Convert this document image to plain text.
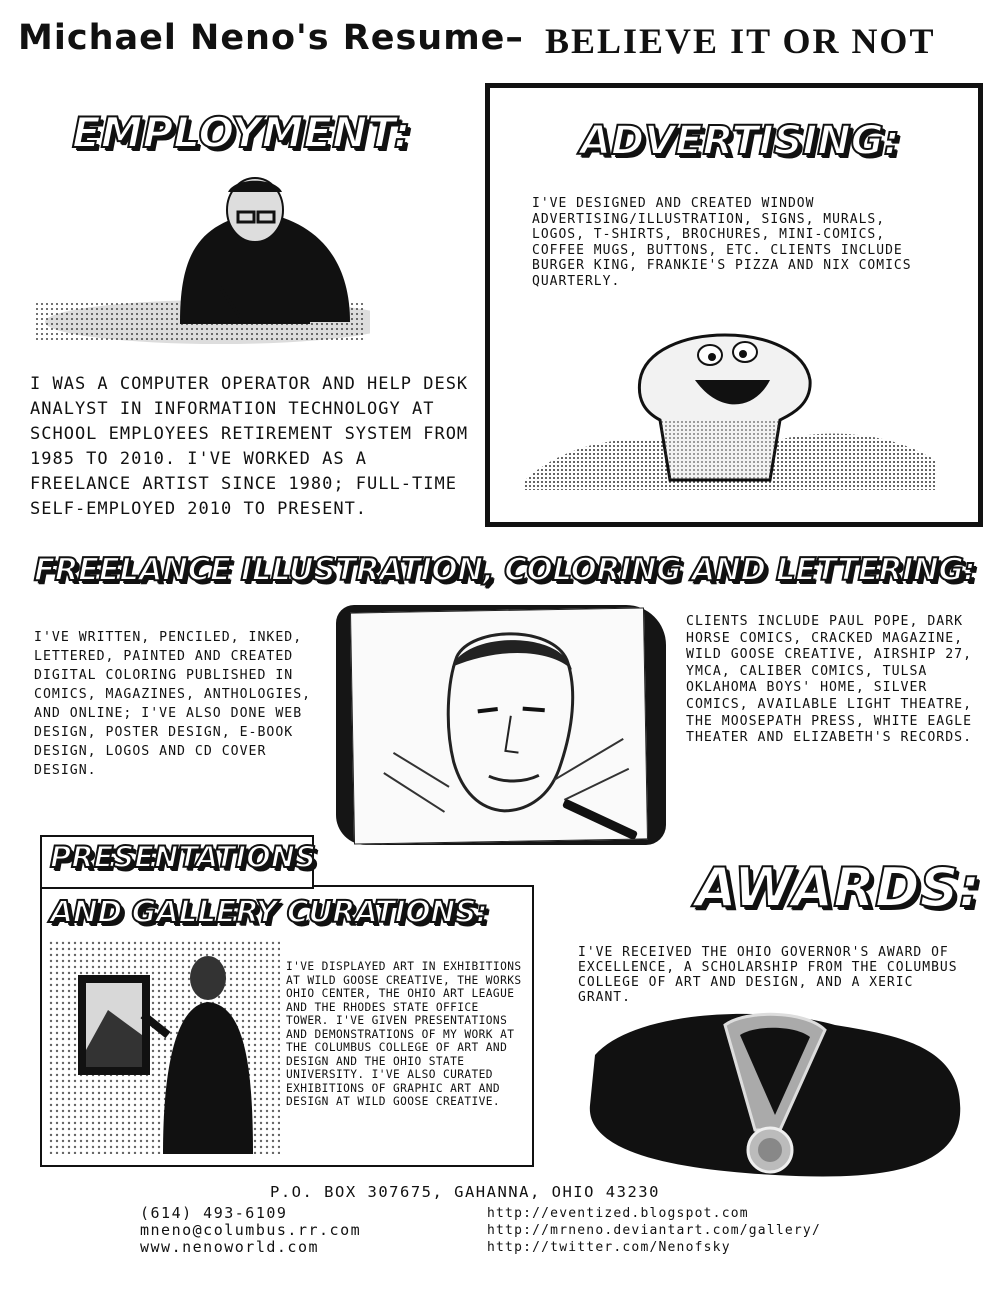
Michael Neno's Resume– BELIEVE IT OR NOT
EMPLOYMENT:

I WAS A COMPUTER OPERATOR AND HELP DESK ANALYST IN INFORMATION TECHNOLOGY AT SCHOOL EMPLOYEES RETIREMENT SYSTEM FROM 1985 TO 2010. I'VE WORKED AS A FREELANCE ARTIST SINCE 1980; FULL-TIME SELF-EMPLOYED 2010 TO PRESENT.

ADVERTISING:

I'VE DESIGNED AND CREATED WINDOW ADVERTISING/ILLUSTRATION, SIGNS, MURALS, LOGOS, T-SHIRTS, BROCHURES, MINI-COMICS, COFFEE MUGS, BUTTONS, ETC. CLIENTS INCLUDE BURGER KING, FRANKIE'S PIZZA AND NIX COMICS QUARTERLY.

FREELANCE ILLUSTRATION, COLORING AND LETTERING:

I'VE WRITTEN, PENCILED, INKED, LETTERED, PAINTED AND CREATED DIGITAL COLORING PUBLISHED IN COMICS, MAGAZINES, ANTHOLOGIES, AND ONLINE; I'VE ALSO DONE WEB DESIGN, POSTER DESIGN, E-BOOK DESIGN, LOGOS AND CD COVER DESIGN.

CLIENTS INCLUDE PAUL POPE, DARK HORSE COMICS, CRACKED MAGAZINE, WILD GOOSE CREATIVE, AIRSHIP 27, YMCA, CALIBER COMICS, TULSA OKLAHOMA BOYS' HOME, SILVER COMICS, AVAILABLE LIGHT THEATRE, THE MOOSEPATH PRESS, WHITE EAGLE THEATER AND ELIZABETH'S RECORDS.

PRESENTATIONS
AND GALLERY CURATIONS:

I'VE DISPLAYED ART IN EXHIBITIONS AT WILD GOOSE CREATIVE, THE WORKS OHIO CENTER, THE OHIO ART LEAGUE AND THE RHODES STATE OFFICE TOWER. I'VE GIVEN PRESENTATIONS AND DEMONSTRATIONS OF MY WORK AT THE COLUMBUS COLLEGE OF ART AND DESIGN AND THE OHIO STATE UNIVERSITY. I'VE ALSO CURATED EXHIBITIONS OF GRAPHIC ART AND DESIGN AT WILD GOOSE CREATIVE.

AWARDS:

I'VE RECEIVED THE OHIO GOVERNOR'S AWARD OF EXCELLENCE, A SCHOLARSHIP FROM THE COLUMBUS COLLEGE OF ART AND DESIGN, AND A XERIC GRANT.

P.O. BOX 307675, GAHANNA, OHIO 43230
(614) 493-6109
mneno@columbus.rr.com
www.nenoworld.com
http://eventized.blogspot.com
http://mrneno.deviantart.com/gallery/
http://twitter.com/Nenofsky
